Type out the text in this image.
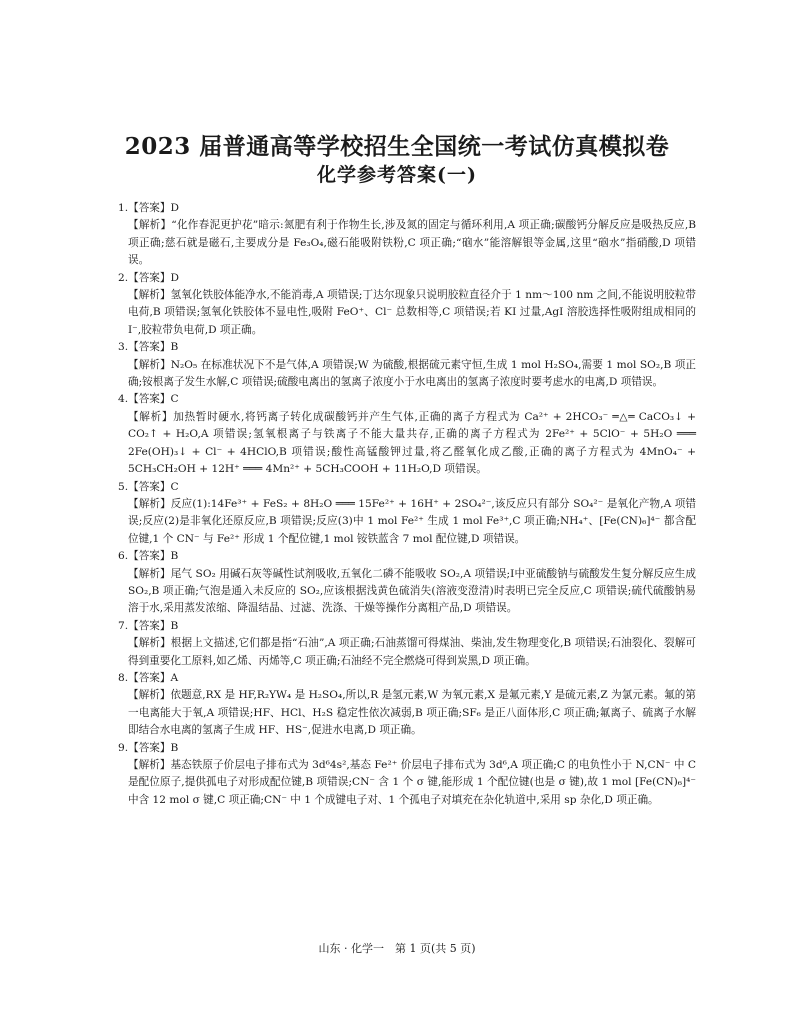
2023 届普通高等学校招生全国统一考试仿真模拟卷
化学参考答案(一)
1.【答案】D
【解析】“化作春泥更护花”暗示:氮肥有利于作物生长,涉及氮的固定与循环利用,A 项正确;碳酸钙分解反应是吸热反应,B 项正确;慈石就是磁石,主要成分是 Fe₃O₄,磁石能吸附铁粉,C 项正确;“硇水”能溶解银等金属,这里“硇水”指硝酸,D 项错误。
2.【答案】D
【解析】氢氧化铁胶体能净水,不能消毒,A 项错误;丁达尔现象只说明胶粒直径介于 1 nm～100 nm 之间,不能说明胶粒带电荷,B 项错误;氢氧化铁胶体不显电性,吸附 FeO⁺、Cl⁻ 总数相等,C 项错误;若 KI 过量,AgI 溶胶选择性吸附组成相同的 I⁻,胶粒带负电荷,D 项正确。
3.【答案】B
【解析】N₂O₅ 在标准状况下不是气体,A 项错误;W 为硫酸,根据硫元素守恒,生成 1 mol H₂SO₄,需要 1 mol SO₂,B 项正确;铵根离子发生水解,C 项错误;硫酸电离出的氢离子浓度小于水电离出的氢离子浓度时要考虑水的电离,D 项错误。
4.【答案】C
【解析】加热暂时硬水,将钙离子转化成碳酸钙并产生气体,正确的离子方程式为 Ca²⁺ + 2HCO₃⁻ ═△═ CaCO₃↓ + CO₂↑ + H₂O,A 项错误;氢氧根离子与铁离子不能大量共存,正确的离子方程式为 2Fe²⁺ + 5ClO⁻ + 5H₂O ═══ 2Fe(OH)₃↓ + Cl⁻ + 4HClO,B 项错误;酸性高锰酸钾过量,将乙醛氧化成乙酸,正确的离子方程式为 4MnO₄⁻ + 5CH₃CH₂OH + 12H⁺ ═══ 4Mn²⁺ + 5CH₃COOH + 11H₂O,D 项错误。
5.【答案】C
【解析】反应(1):14Fe³⁺ + FeS₂ + 8H₂O ═══ 15Fe²⁺ + 16H⁺ + 2SO₄²⁻,该反应只有部分 SO₄²⁻ 是氧化产物,A 项错误;反应(2)是非氧化还原反应,B 项错误;反应(3)中 1 mol Fe²⁺ 生成 1 mol Fe³⁺,C 项正确;NH₄⁺、[Fe(CN)₆]⁴⁻ 都含配位键,1 个 CN⁻ 与 Fe²⁺ 形成 1 个配位键,1 mol 铵铁蓝含 7 mol 配位键,D 项错误。
6.【答案】B
【解析】尾气 SO₂ 用碱石灰等碱性试剂吸收,五氧化二磷不能吸收 SO₂,A 项错误;Ⅰ中亚硫酸钠与硫酸发生复分解反应生成 SO₂,B 项正确;气泡是通入未反应的 SO₂,应该根据浅黄色硫消失(溶液变澄清)时表明已完全反应,C 项错误;硫代硫酸钠易溶于水,采用蒸发浓缩、降温结晶、过滤、洗涤、干燥等操作分离粗产品,D 项错误。
7.【答案】B
【解析】根据上文描述,它们都是指“石油”,A 项正确;石油蒸馏可得煤油、柴油,发生物理变化,B 项错误;石油裂化、裂解可得到重要化工原料,如乙烯、丙烯等,C 项正确;石油经不完全燃烧可得到炭黑,D 项正确。
8.【答案】A
【解析】依题意,RX 是 HF,R₂YW₄ 是 H₂SO₄,所以,R 是氢元素,W 为氧元素,X 是氟元素,Y 是硫元素,Z 为氯元素。氟的第一电离能大于氧,A 项错误;HF、HCl、H₂S 稳定性依次减弱,B 项正确;SF₆ 是正八面体形,C 项正确;氟离子、硫离子水解即结合水电离的氢离子生成 HF、HS⁻,促进水电离,D 项正确。
9.【答案】B
【解析】基态铁原子价层电子排布式为 3d⁶4s²,基态 Fe²⁺ 价层电子排布式为 3d⁶,A 项正确;C 的电负性小于 N,CN⁻ 中 C 是配位原子,提供孤电子对形成配位键,B 项错误;CN⁻ 含 1 个 σ 键,能形成 1 个配位键(也是 σ 键),故 1 mol [Fe(CN)₆]⁴⁻ 中含 12 mol σ 键,C 项正确;CN⁻ 中 1 个成键电子对、1 个孤电子对填充在杂化轨道中,采用 sp 杂化,D 项正确。
山东 · 化学一　第 1 页(共 5 页)
